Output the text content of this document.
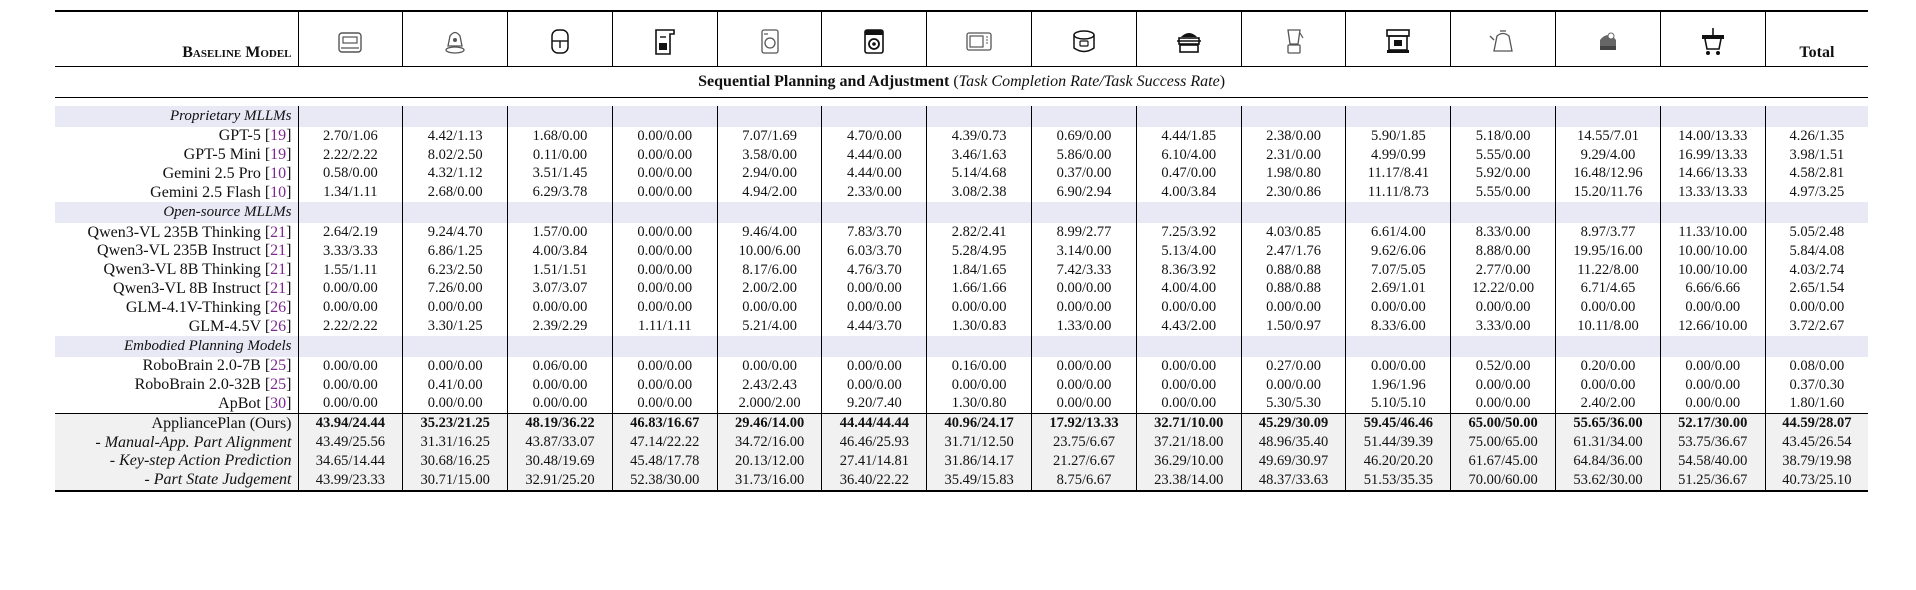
Baseline Model															Total
Sequential Planning and Adjustment (Task Completion Rate/Task Success Rate)															

Proprietary MLLMs															
GPT-5 [19]	2.70/1.06	4.42/1.13	1.68/0.00	0.00/0.00	7.07/1.69	4.70/0.00	4.39/0.73	0.69/0.00	4.44/1.85	2.38/0.00	5.90/1.85	5.18/0.00	14.55/7.01	14.00/13.33	4.26/1.35
GPT-5 Mini [19]	2.22/2.22	8.02/2.50	0.11/0.00	0.00/0.00	3.58/0.00	4.44/0.00	3.46/1.63	5.86/0.00	6.10/4.00	2.31/0.00	4.99/0.99	5.55/0.00	9.29/4.00	16.99/13.33	3.98/1.51
Gemini 2.5 Pro [10]	0.58/0.00	4.32/1.12	3.51/1.45	0.00/0.00	2.94/0.00	4.44/0.00	5.14/4.68	0.37/0.00	0.47/0.00	1.98/0.80	11.17/8.41	5.92/0.00	16.48/12.96	14.66/13.33	4.58/2.81
Gemini 2.5 Flash [10]	1.34/1.11	2.68/0.00	6.29/3.78	0.00/0.00	4.94/2.00	2.33/0.00	3.08/2.38	6.90/2.94	4.00/3.84	2.30/0.86	11.11/8.73	5.55/0.00	15.20/11.76	13.33/13.33	4.97/3.25
Open-source MLLMs															
Qwen3-VL 235B Thinking [21]	2.64/2.19	9.24/4.70	1.57/0.00	0.00/0.00	9.46/4.00	7.83/3.70	2.82/2.41	8.99/2.77	7.25/3.92	4.03/0.85	6.61/4.00	8.33/0.00	8.97/3.77	11.33/10.00	5.05/2.48
Qwen3-VL 235B Instruct [21]	3.33/3.33	6.86/1.25	4.00/3.84	0.00/0.00	10.00/6.00	6.03/3.70	5.28/4.95	3.14/0.00	5.13/4.00	2.47/1.76	9.62/6.06	8.88/0.00	19.95/16.00	10.00/10.00	5.84/4.08
Qwen3-VL 8B Thinking [21]	1.55/1.11	6.23/2.50	1.51/1.51	0.00/0.00	8.17/6.00	4.76/3.70	1.84/1.65	7.42/3.33	8.36/3.92	0.88/0.88	7.07/5.05	2.77/0.00	11.22/8.00	10.00/10.00	4.03/2.74
Qwen3-VL 8B Instruct [21]	0.00/0.00	7.26/0.00	3.07/3.07	0.00/0.00	2.00/2.00	0.00/0.00	1.66/1.66	0.00/0.00	4.00/4.00	0.88/0.88	2.69/1.01	12.22/0.00	6.71/4.65	6.66/6.66	2.65/1.54
GLM-4.1V-Thinking [26]	0.00/0.00	0.00/0.00	0.00/0.00	0.00/0.00	0.00/0.00	0.00/0.00	0.00/0.00	0.00/0.00	0.00/0.00	0.00/0.00	0.00/0.00	0.00/0.00	0.00/0.00	0.00/0.00	0.00/0.00
GLM-4.5V [26]	2.22/2.22	3.30/1.25	2.39/2.29	1.11/1.11	5.21/4.00	4.44/3.70	1.30/0.83	1.33/0.00	4.43/2.00	1.50/0.97	8.33/6.00	3.33/0.00	10.11/8.00	12.66/10.00	3.72/2.67
Embodied Planning Models															
RoboBrain 2.0-7B [25]	0.00/0.00	0.00/0.00	0.06/0.00	0.00/0.00	0.00/0.00	0.00/0.00	0.16/0.00	0.00/0.00	0.00/0.00	0.27/0.00	0.00/0.00	0.52/0.00	0.20/0.00	0.00/0.00	0.08/0.00
RoboBrain 2.0-32B [25]	0.00/0.00	0.41/0.00	0.00/0.00	0.00/0.00	2.43/2.43	0.00/0.00	0.00/0.00	0.00/0.00	0.00/0.00	0.00/0.00	1.96/1.96	0.00/0.00	0.00/0.00	0.00/0.00	0.37/0.30
ApBot [30]	0.00/0.00	0.00/0.00	0.00/0.00	0.00/0.00	2.000/2.00	9.20/7.40	1.30/0.80	0.00/0.00	0.00/0.00	5.30/5.30	5.10/5.10	0.00/0.00	2.40/2.00	0.00/0.00	1.80/1.60
AppliancePlan (Ours)	43.94/24.44	35.23/21.25	48.19/36.22	46.83/16.67	29.46/14.00	44.44/44.44	40.96/24.17	17.92/13.33	32.71/10.00	45.29/30.09	59.45/46.46	65.00/50.00	55.65/36.00	52.17/30.00	44.59/28.07
- Manual-App. Part Alignment	43.49/25.56	31.31/16.25	43.87/33.07	47.14/22.22	34.72/16.00	46.46/25.93	31.71/12.50	23.75/6.67	37.21/18.00	48.96/35.40	51.44/39.39	75.00/65.00	61.31/34.00	53.75/36.67	43.45/26.54
- Key-step Action Prediction	34.65/14.44	30.68/16.25	30.48/19.69	45.48/17.78	20.13/12.00	27.41/14.81	31.86/14.17	21.27/6.67	36.29/10.00	49.69/30.97	46.20/20.20	61.67/45.00	64.84/36.00	54.58/40.00	38.79/19.98
- Part State Judgement	43.99/23.33	30.71/15.00	32.91/25.20	52.38/30.00	31.73/16.00	36.40/22.22	35.49/15.83	8.75/6.67	23.38/14.00	48.37/33.63	51.53/35.35	70.00/60.00	53.62/30.00	51.25/36.67	40.73/25.10
